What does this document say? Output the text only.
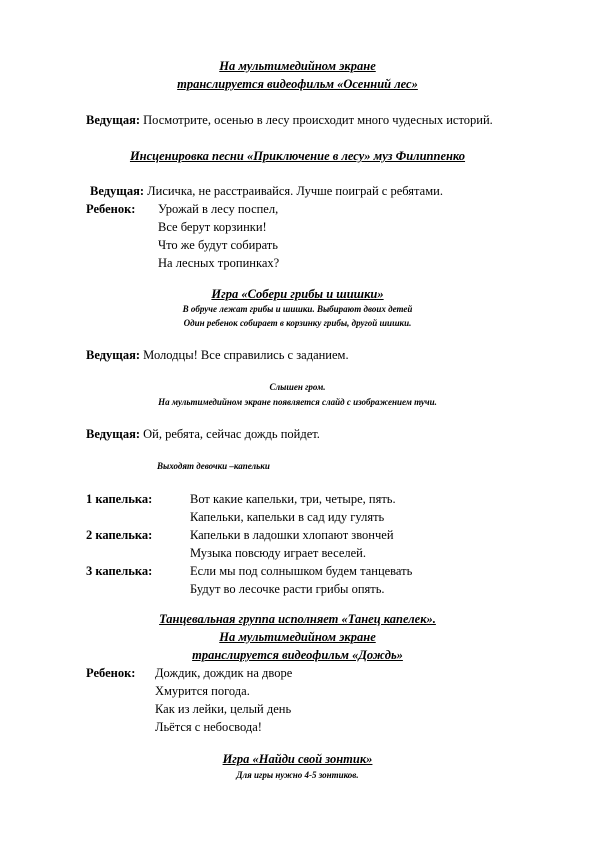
На мультимедийном экране
транслируется видеофильм «Осенний лес»
Ведущая: Посмотрите, осенью в лесу происходит много чудесных историй.
Инсценировка песни «Приключение в лесу» муз Филиппенко
Ведущая: Лисичка, не расстраивайся. Лучше поиграй с ребятами.
Ребенок: Урожай в лесу поспел,
Все берут корзинки!
Что же будут собирать
На лесных тропинках?
Игра «Собери грибы и шишки»
В обруче лежат грибы и шишки. Выбирают двоих детей
Один ребенок собирает в корзинку грибы, другой шишки.
Ведущая: Молодцы! Все справились с заданием.
Слышен гром.
На мультимедийном экране появляется слайд с изображением тучи.
Ведущая: Ой, ребята, сейчас дождь пойдет.
Выходят девочки –капельки
1 капелька:	Вот какие капельки, три, четыре, пять.
Капельки, капельки в сад иду гулять
2 капелька:	Капельки в ладошки хлопают звончей
Музыка повсюду играет веселей.
3 капелька:	Если мы под солнышком будем танцевать
Будут во лесочке расти грибы опять.
Танцевальная группа исполняет «Танец капелек».
На мультимедийном экране
транслируется видеофильм «Дождь»
Ребенок: Дождик, дождик на дворе
Хмурится погода.
Как из лейки, целый день
Льётся с небосвода!
Игра «Найди свой зонтик»
Для игры нужно 4-5 зонтиков.
